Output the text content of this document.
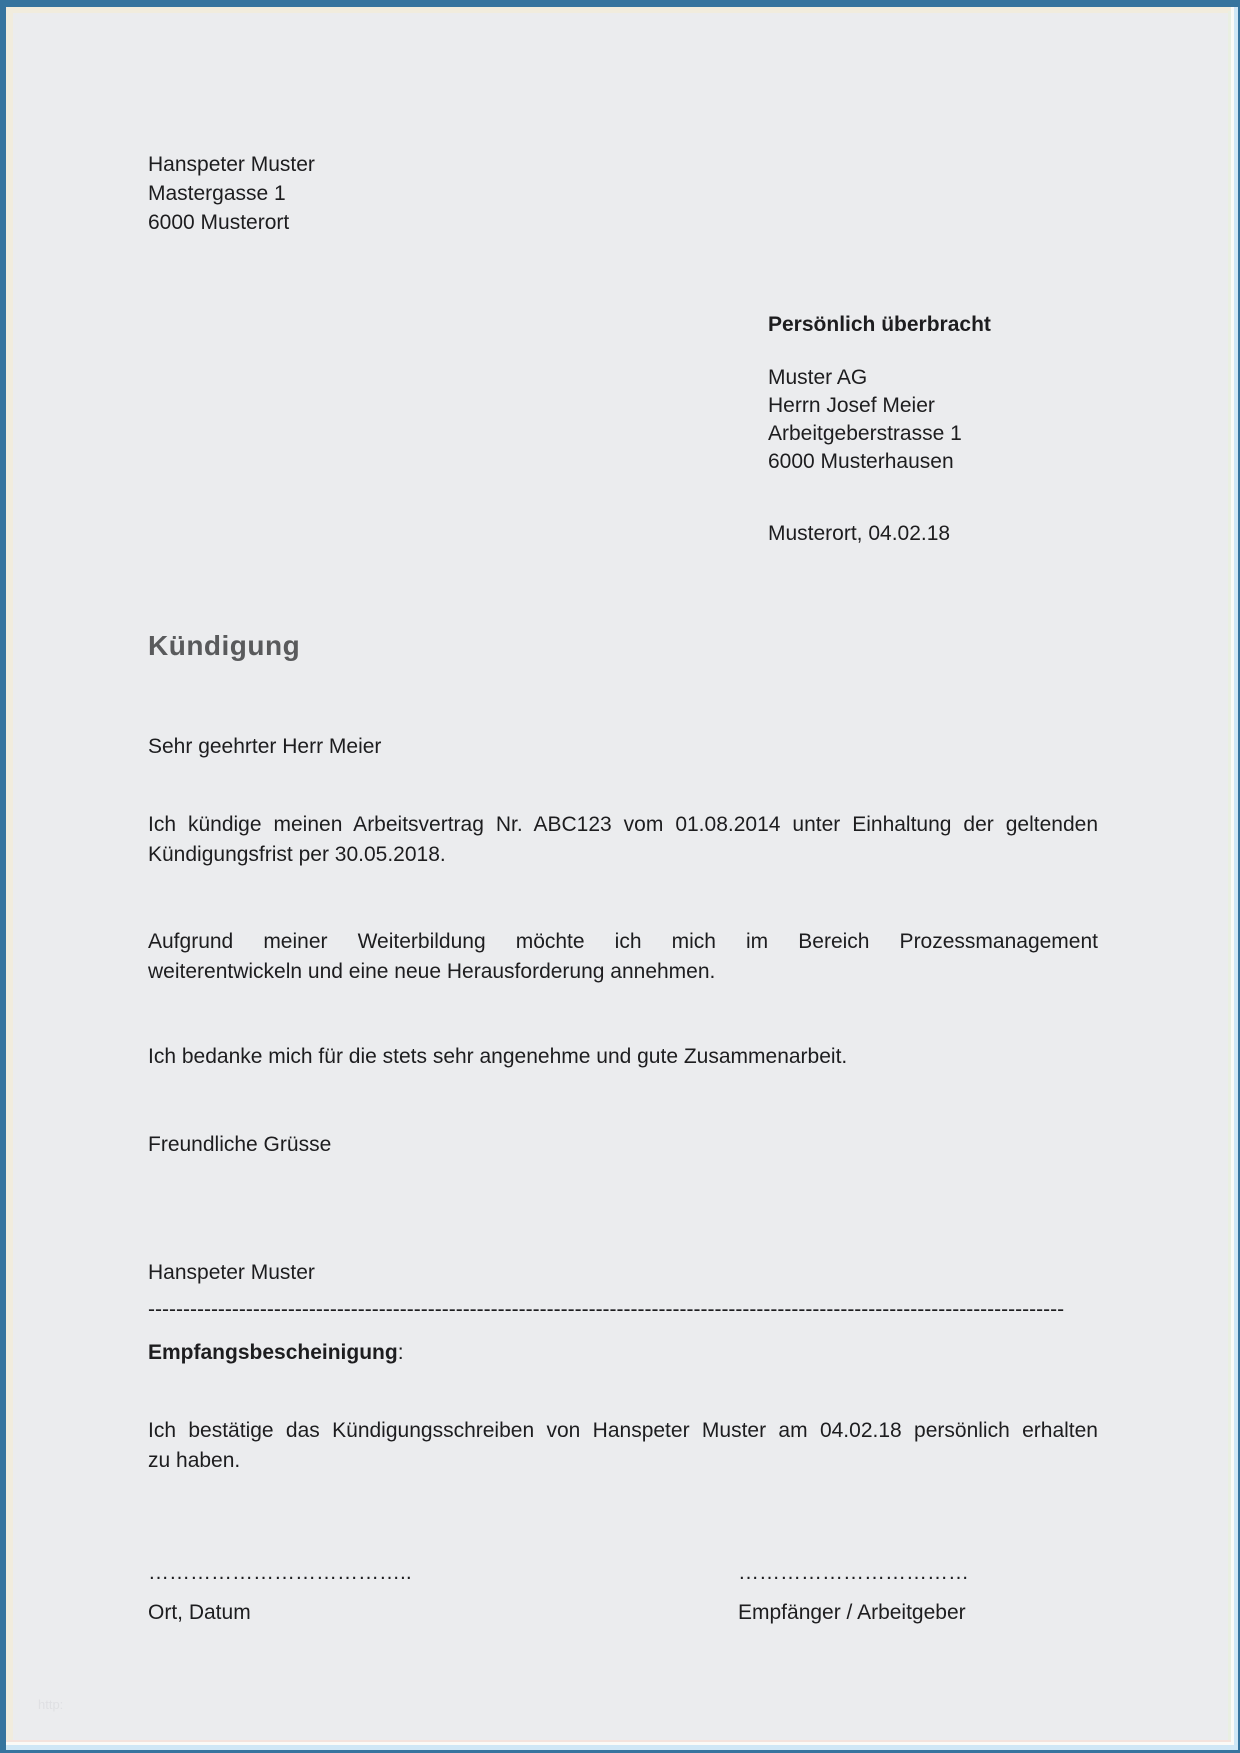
Hanspeter Muster
Mastergasse 1
6000 Musterort
Persönlich überbracht
Muster AG
Herrn Josef Meier
Arbeitgeberstrasse 1
6000 Musterhausen
Musterort, 04.02.18
Kündigung
Sehr geehrter Herr Meier
Ich kündige meinen Arbeitsvertrag Nr. ABC123 vom 01.08.2014 unter Einhaltung der geltenden
Kündigungsfrist per 30.05.2018.
Aufgrund meiner Weiterbildung möchte ich mich im Bereich Prozessmanagement
weiterentwickeln und eine neue Herausforderung annehmen.
Ich bedanke mich für die stets sehr angenehme und gute Zusammenarbeit.
Freundliche Grüsse
Hanspeter Muster
-----------------------------------------------------------------------------------------------------------------------------------
Empfangsbescheinigung:
Ich bestätige das Kündigungsschreiben von Hanspeter Muster am 04.02.18 persönlich erhalten
zu haben.
………………………………..	……………………………
Ort, Datum	Empfänger / Arbeitgeber
http:
